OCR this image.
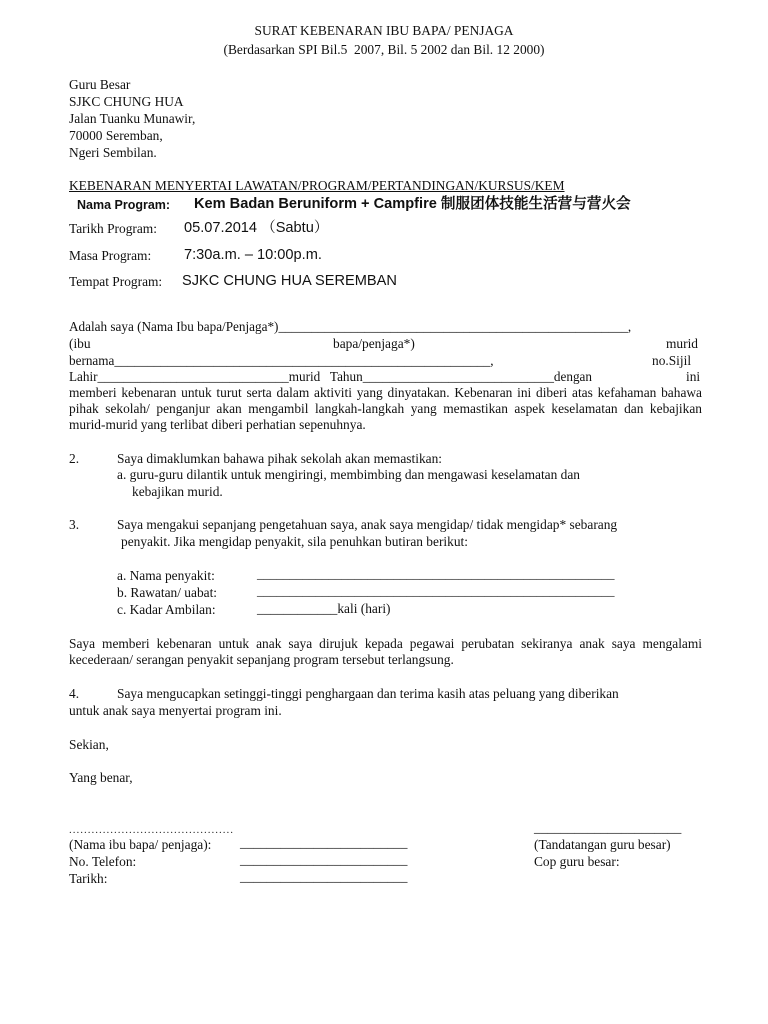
SURAT KEBENARAN IBU BAPA/ PENJAGA
(Berdasarkan SPI Bil.5  2007, Bil. 5 2002 dan Bil. 12 2000)
Guru Besar
SJKC CHUNG HUA
Jalan Tuanku Munawir,
70000 Seremban,
Ngeri Sembilan.
KEBENARAN MENYERTAI LAWATAN/PROGRAM/PERTANDINGAN/KURSUS/KEM
Nama Program: Kem Badan Beruniform + Campfire 制服团体技能生活营与营火会
Tarikh Program: 05.07.2014 （Sabtu）
Masa Program: 7:30a.m. – 10:00p.m.
Tempat Program: SJKC CHUNG HUA SEREMBAN
Adalah saya (Nama Ibu bapa/Penjaga*)_____________________________________________________,
(ibu	bapa/penjaga*)	murid
bernama_________________________________________________________,	no.Sijil
Lahir_____________________________murid   Tahun_____________________________dengan	ini
memberi kebenaran untuk turut serta dalam aktiviti yang dinyatakan. Kebenaran ini diberi atas kefahaman bahawa pihak sekolah/ penganjur akan mengambil langkah-langkah yang memastikan aspek keselamatan dan kebajikan murid-murid yang terlibat diberi perhatian sepenuhnya.
2.	Saya dimaklumkan bahawa pihak sekolah akan memastikan:
a. guru-guru dilantik untuk mengiringi, membimbing dan mengawasi keselamatan dan
kebajikan murid.
3.	Saya mengakui sepanjang pengetahuan saya, anak saya mengidap/ tidak mengidap* sebarang
penyakit. Jika mengidap penyakit, sila penuhkan butiran berikut:
a. Nama penyakit:	_______________________________________________________
b. Rawatan/ uabat:	_______________________________________________________
c. Kadar Ambilan:	____________kali (hari)
Saya memberi kebenaran untuk anak saya dirujuk kepada pegawai perubatan sekiranya anak saya mengalami kecederaan/ serangan penyakit sepanjang program tersebut terlangsung.
4.	Saya mengucapkan setinggi-tinggi penghargaan dan terima kasih atas peluang yang diberikan
untuk anak saya menyertai program ini.
Sekian,
Yang benar,
............................................
(Nama ibu bapa/ penjaga): _________________________
No. Telefon:	_________________________
Tarikh:	_________________________
______________________
(Tandatangan guru besar)
Cop guru besar:
